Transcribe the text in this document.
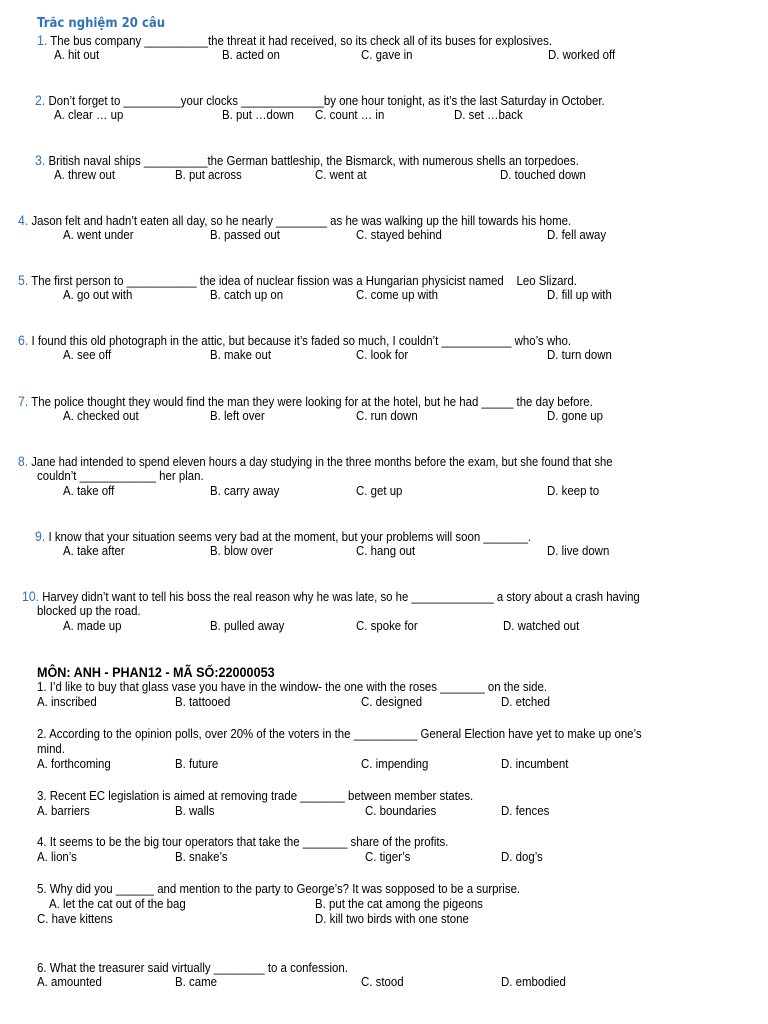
Trắc nghiệm 20 câu
1. The bus company __________the threat it had received, so its check all of its buses for explosives.
A. hit out	B. acted on	C. gave in	D. worked off
2. Don’t forget to _________your clocks _____________by one hour tonight, as it’s the last Saturday in October.
A. clear … up	B. put …down C. count … in	D. set …back
3. British naval ships __________the German battleship, the Bismarck, with numerous shells an torpedoes.
A. threw out	B. put across	C. went at	D. touched down
4. Jason felt and hadn’t eaten all day, so he nearly ________ as he was walking up the hill towards his home.
A. went under	B. passed out	C. stayed behind	D. fell away
5. The first person to ___________ the idea of nuclear fission was a Hungarian physicist named    Leo Slizard.
A. go out with	B. catch up on	C. come up with	D. fill up with
6. I found this old photograph in the attic, but because it’s faded so much, I couldn’t ___________ who’s who.
A. see off	B. make out	C. look for	D. turn down
7. The police thought they would find the man they were looking for at the hotel, but he had _____ the day before.
A. checked out	B. left over	C. run down	D. gone up
8. Jane had intended to spend eleven hours a day studying in the three months before the exam, but she found that she
couldn’t ____________ her plan.
A. take off	B. carry away	C. get up	D. keep to
9. I know that your situation seems very bad at the moment, but your problems will soon _______.
A. take after	B. blow over	C. hang out	D. live down
10. Harvey didn’t want to tell his boss the real reason why he was late, so he _____________ a story about a crash having
blocked up the road.
A. made up	B. pulled away	C. spoke for	D. watched out
MÔN: ANH - PHAN12 - MÃ SỐ:22000053
1. I’d like to buy that glass vase you have in the window- the one with the roses _______ on the side.
A. inscribed	B. tattooed	C. designed	D. etched
2. According to the opinion polls, over 20% of the voters in the __________ General Election have yet to make up one’s
mind.
A. forthcoming	B. future	C. impending	D. incumbent
3. Recent EC legislation is aimed at removing trade _______ between member states.
A. barriers	B. walls	C. boundaries	D. fences
4. It seems to be the big tour operators that take the _______ share of the profits.
A. lion’s	B. snake’s	C. tiger’s	D. dog’s
5. Why did you ______ and mention to the party to George’s? It was sopposed to be a surprise.
A. let the cat out of the bag	B. put the cat among the pigeons
C. have kittens	D. kill two birds with one stone
6. What the treasurer said virtually ________ to a confession.
A. amounted	B. came	C. stood	D. embodied
